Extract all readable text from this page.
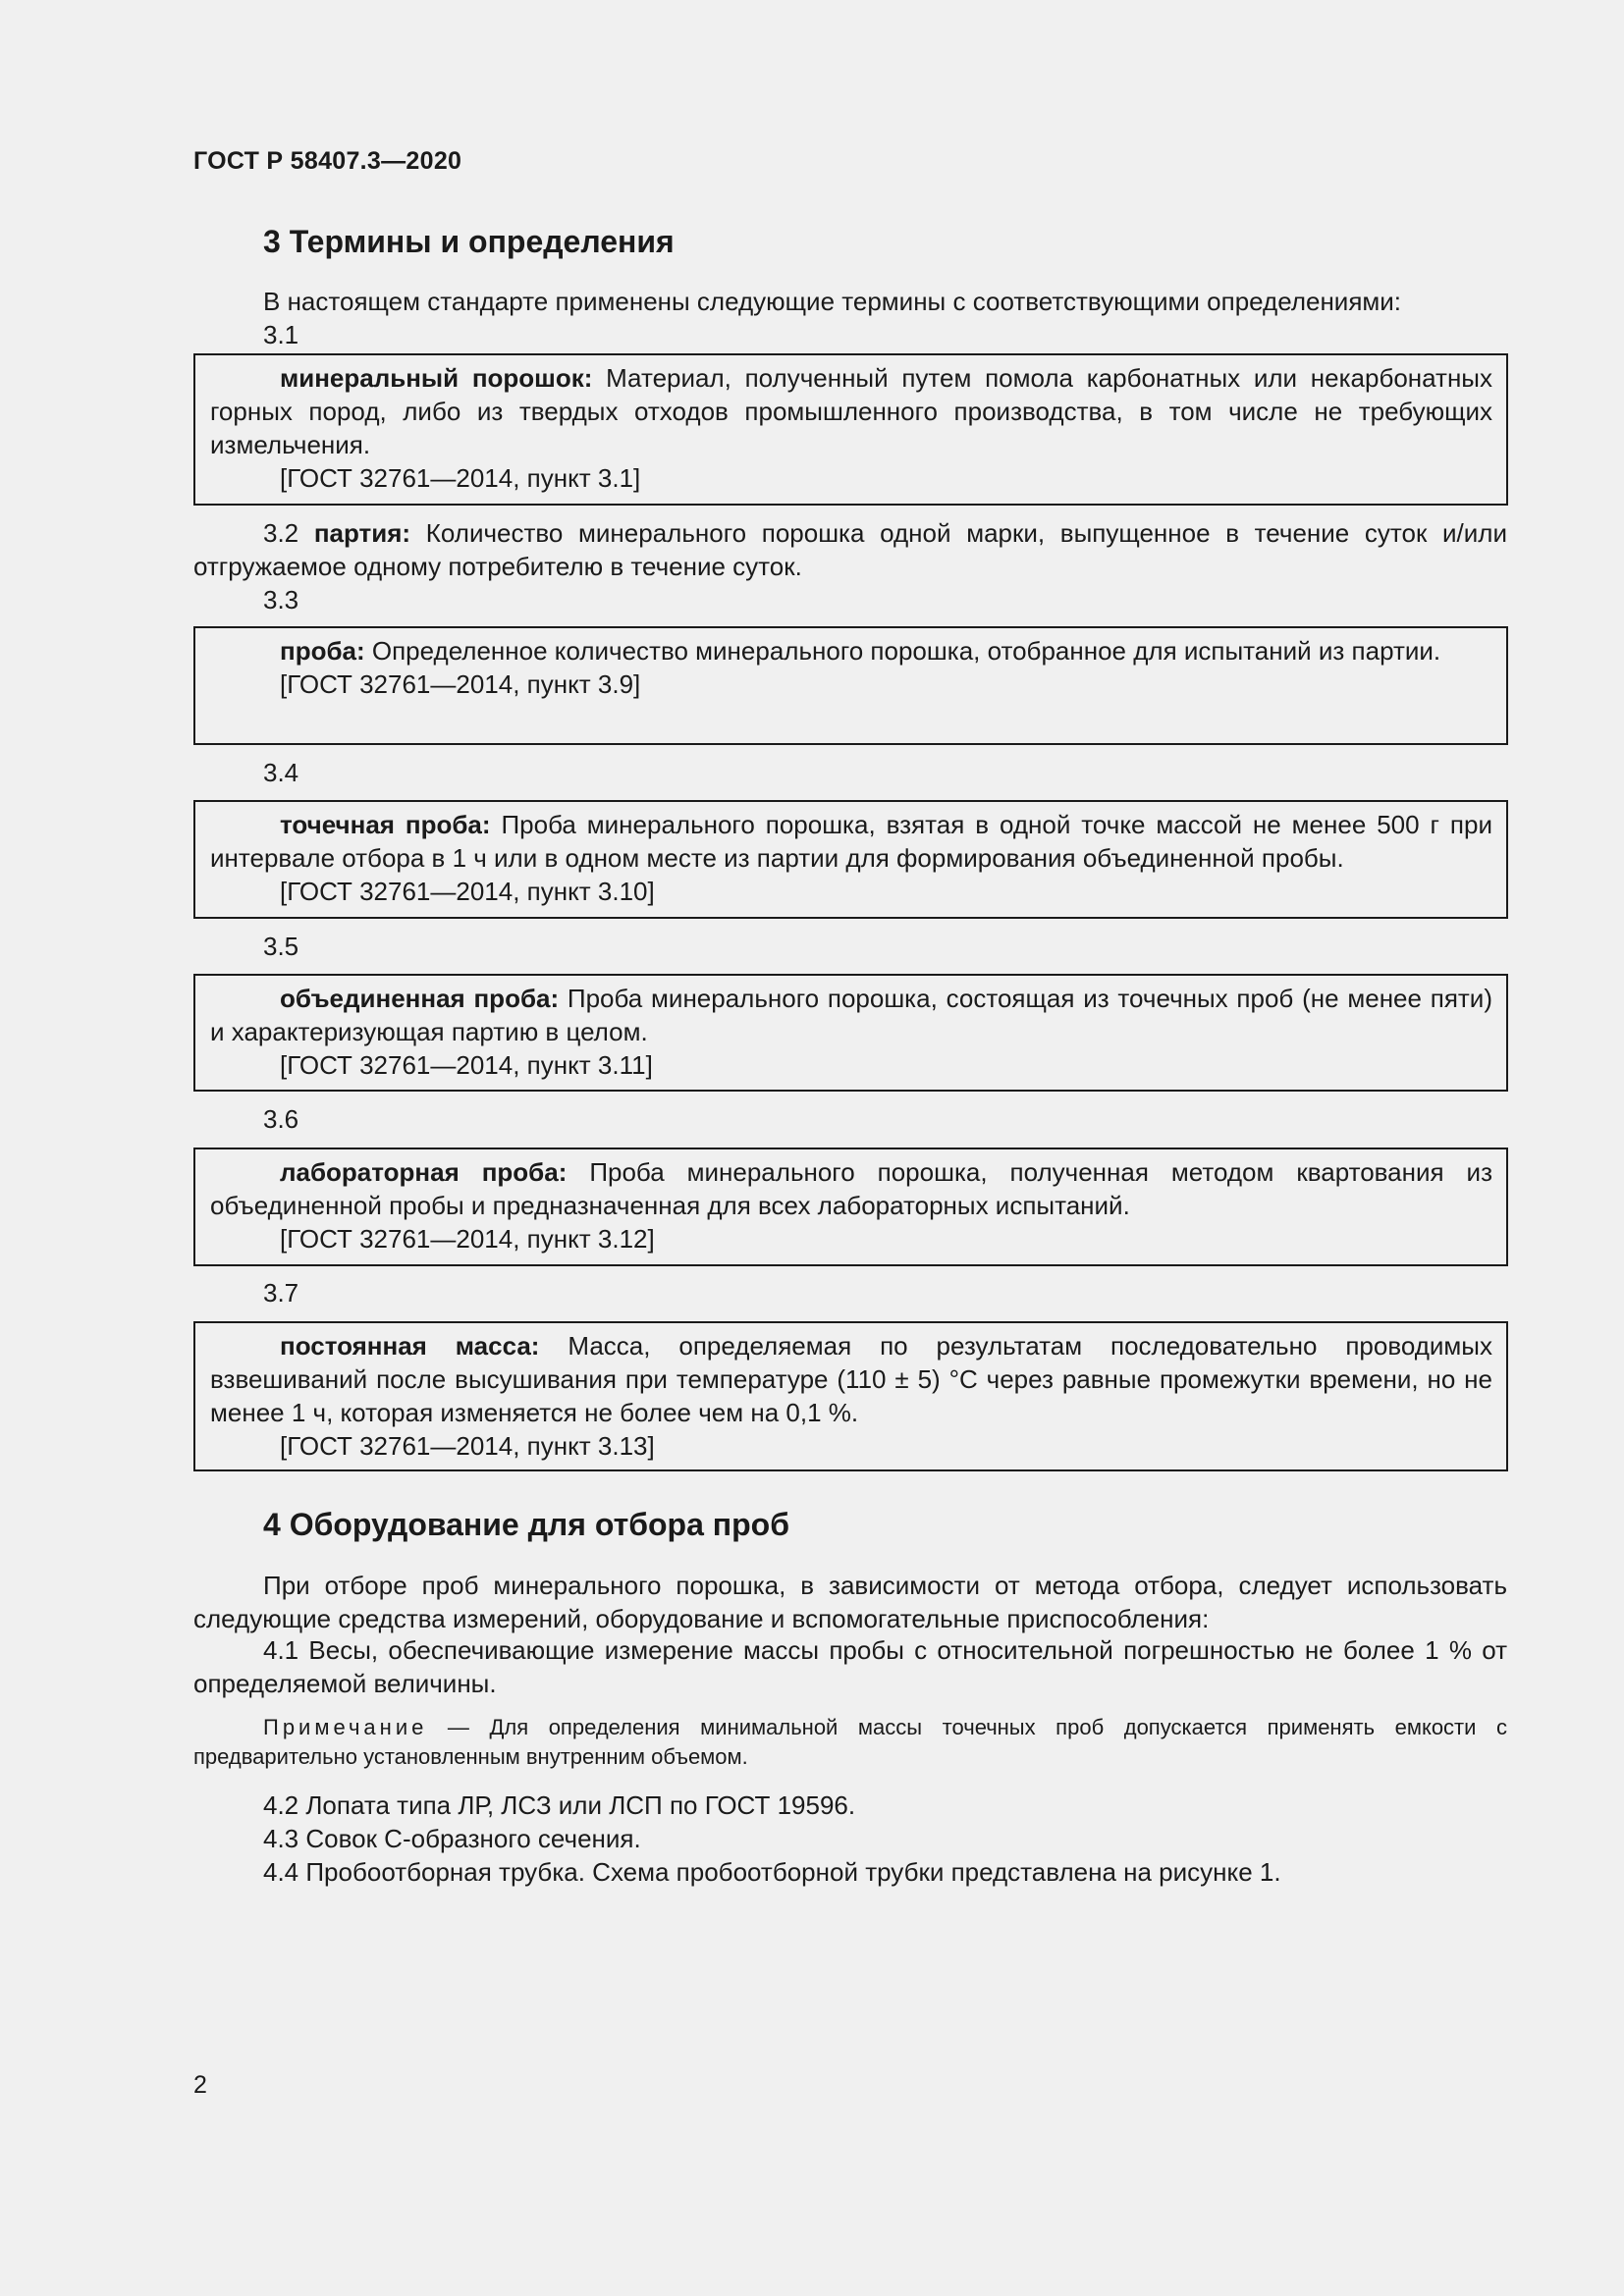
ГОСТ Р 58407.3—2020
3 Термины и определения
В настоящем стандарте применены следующие термины с соответствующими определениями:
3.1

минеральный порошок: Материал, полученный путем помола карбонатных или некарбонатных горных пород, либо из твердых отходов промышленного производства, в том числе не требующих измельчения.

[ГОСТ 32761—2014, пункт 3.1]

3.2 партия: Количество минерального порошка одной марки, выпущенное в течение суток и/или отгружаемое одному потребителю в течение суток.
3.3

проба: Определенное количество минерального порошка, отобранное для испытаний из партии.

[ГОСТ 32761—2014, пункт 3.9]

3.4

точечная проба: Проба минерального порошка, взятая в одной точке массой не менее 500 г при интервале отбора в 1 ч или в одном месте из партии для формирования объединенной пробы.

[ГОСТ 32761—2014, пункт 3.10]

3.5

объединенная проба: Проба минерального порошка, состоящая из точечных проб (не менее пяти) и характеризующая партию в целом.

[ГОСТ 32761—2014, пункт 3.11]

3.6

лабораторная проба: Проба минерального порошка, полученная методом квартования из объединенной пробы и предназначенная для всех лабораторных испытаний.

[ГОСТ 32761—2014, пункт 3.12]

3.7

постоянная масса: Масса, определяемая по результатам последовательно проводимых взвешиваний после высушивания при температуре (110 ± 5) °С через равные промежутки времени, но не менее 1 ч, которая изменяется не более чем на 0,1 %.

[ГОСТ 32761—2014, пункт 3.13]

4 Оборудование для отбора проб
При отборе проб минерального порошка, в зависимости от метода отбора, следует использовать следующие средства измерений, оборудование и вспомогательные приспособления:
4.1 Весы, обеспечивающие измерение массы пробы с относительной погрешностью не более 1 % от определяемой величины.
Примечание — Для определения минимальной массы точечных проб допускается применять емкости с предварительно установленным внутренним объемом.
4.2 Лопата типа ЛР, ЛСЗ или ЛСП по ГОСТ 19596.
4.3 Совок С-образного сечения.
4.4 Пробоотборная трубка. Схема пробоотборной трубки представлена на рисунке 1.
2
